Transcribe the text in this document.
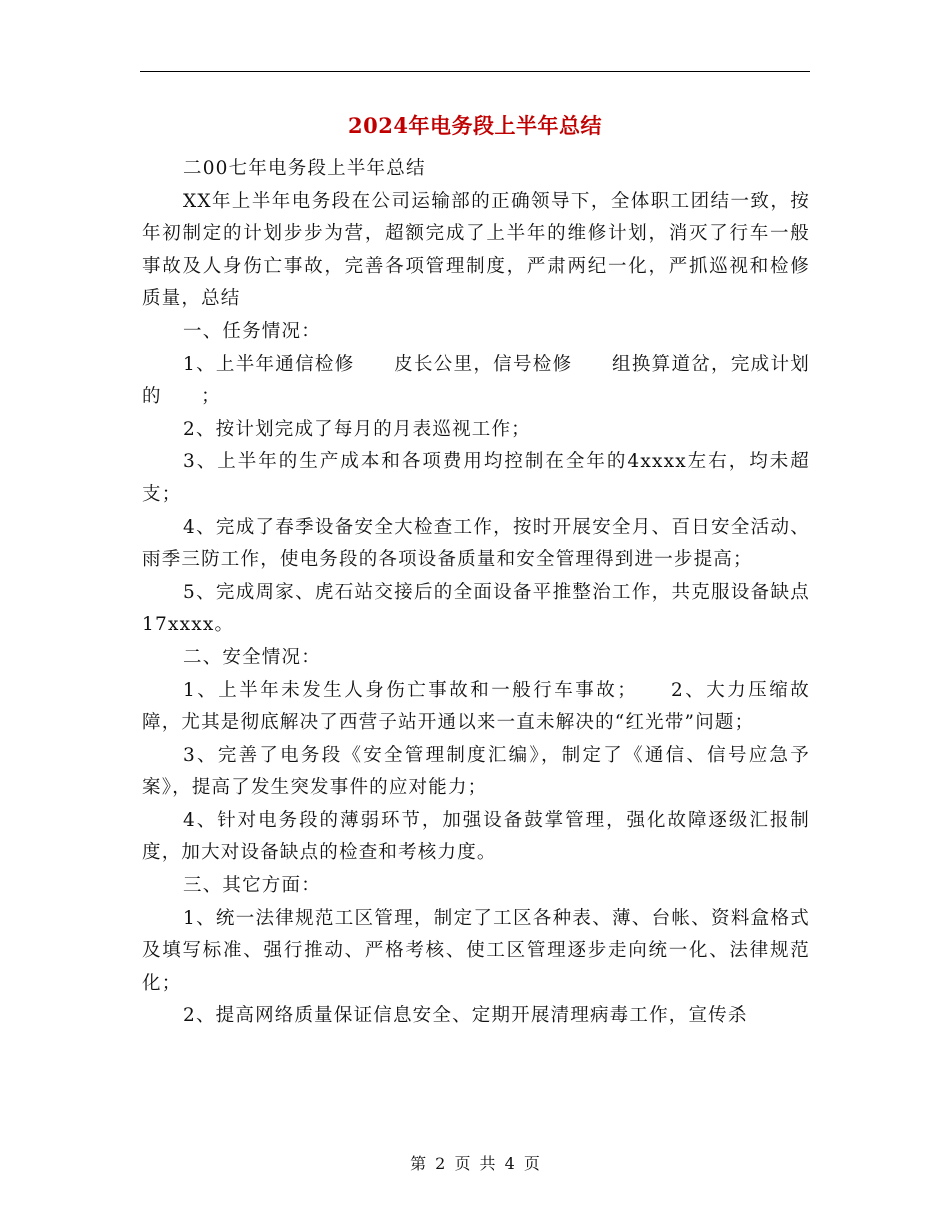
2024年电务段上半年总结

二00七年电务段上半年总结

XX年上半年电务段在公司运输部的正确领导下，全体职工团结一致，按年初制定的计划步步为营，超额完成了上半年的维修计划，消灭了行车一般事故及人身伤亡事故，完善各项管理制度，严肃两纪一化，严抓巡视和检修质量，总结

一、任务情况：

1、上半年通信检修　　皮长公里，信号检修　　组换算道岔，完成计划的　　；

2、按计划完成了每月的月表巡视工作；

3、上半年的生产成本和各项费用均控制在全年的4xxxx左右，均未超支；

4、完成了春季设备安全大检查工作，按时开展安全月、百日安全活动、雨季三防工作，使电务段的各项设备质量和安全管理得到进一步提高；

5、完成周家、虎石站交接后的全面设备平推整治工作，共克服设备缺点17xxxx。

二、安全情况：

1、上半年未发生人身伤亡事故和一般行车事故；　　2、大力压缩故障，尤其是彻底解决了西营子站开通以来一直未解决的“红光带”问题；

3、完善了电务段《安全管理制度汇编》，制定了《通信、信号应急予案》，提高了发生突发事件的应对能力；

4、针对电务段的薄弱环节，加强设备鼓掌管理，强化故障逐级汇报制度，加大对设备缺点的检查和考核力度。

三、其它方面：

1、统一法律规范工区管理，制定了工区各种表、薄、台帐、资料盒格式及填写标准、强行推动、严格考核、使工区管理逐步走向统一化、法律规范化；

2、提高网络质量保证信息安全、定期开展清理病毒工作，宣传杀

第 2 页 共 4 页
